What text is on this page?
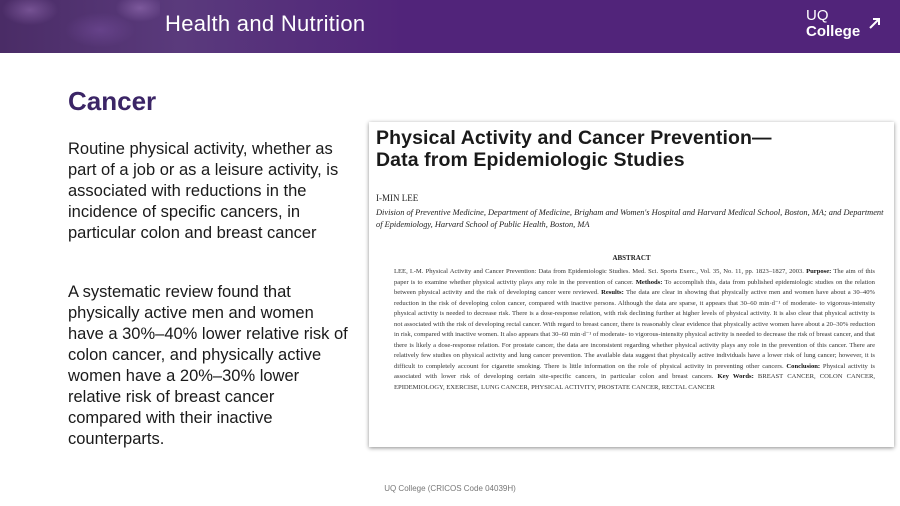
Health and Nutrition	UQ
College
Cancer

Routine physical activity, whether as part of a job or as a leisure activity, is associated with reductions in the incidence of specific cancers, in particular colon and breast cancer

A systematic review found that physically active men and women have a 30%–40% lower relative risk of colon cancer, and physically active women have a 20%–30% lower relative risk of breast cancer compared with their inactive counterparts.

Physical Activity and Cancer Prevention—
Data from Epidemiologic Studies
I-MIN LEE
Division of Preventive Medicine, Department of Medicine, Brigham and Women's Hospital and Harvard Medical School, Boston, MA; and Department of Epidemiology, Harvard School of Public Health, Boston, MA
ABSTRACT
LEE, I.-M. Physical Activity and Cancer Prevention: Data from Epidemiologic Studies. Med. Sci. Sports Exerc., Vol. 35, No. 11, pp. 1823–1827, 2003. Purpose: The aim of this paper is to examine whether physical activity plays any role in the prevention of cancer. Methods: To accomplish this, data from published epidemiologic studies on the relation between physical activity and the risk of developing cancer were reviewed. Results: The data are clear in showing that physically active men and women have about a 30–40% reduction in the risk of developing colon cancer, compared with inactive persons. Although the data are sparse, it appears that 30–60 min·d⁻¹ of moderate- to vigorous-intensity physical activity is needed to decrease risk. There is a dose-response relation, with risk declining further at higher levels of physical activity. It is also clear that physical activity is not associated with the risk of developing rectal cancer. With regard to breast cancer, there is reasonably clear evidence that physically active women have about a 20–30% reduction in risk, compared with inactive women. It also appears that 30–60 min·d⁻¹ of moderate- to vigorous-intensity physical activity is needed to decrease the risk of breast cancer, and that there is likely a dose-response relation. For prostate cancer, the data are inconsistent regarding whether physical activity plays any role in the prevention of this cancer. There are relatively few studies on physical activity and lung cancer prevention. The available data suggest that physically active individuals have a lower risk of lung cancer; however, it is difficult to completely account for cigarette smoking. There is little information on the role of physical activity in preventing other cancers. Conclusion: Physical activity is associated with lower risk of developing certain site-specific cancers, in particular colon and breast cancers. Key Words: BREAST CANCER, COLON CANCER, EPIDEMIOLOGY, EXERCISE, LUNG CANCER, PHYSICAL ACTIVITY, PROSTATE CANCER, RECTAL CANCER
UQ College (CRICOS Code 04039H)
